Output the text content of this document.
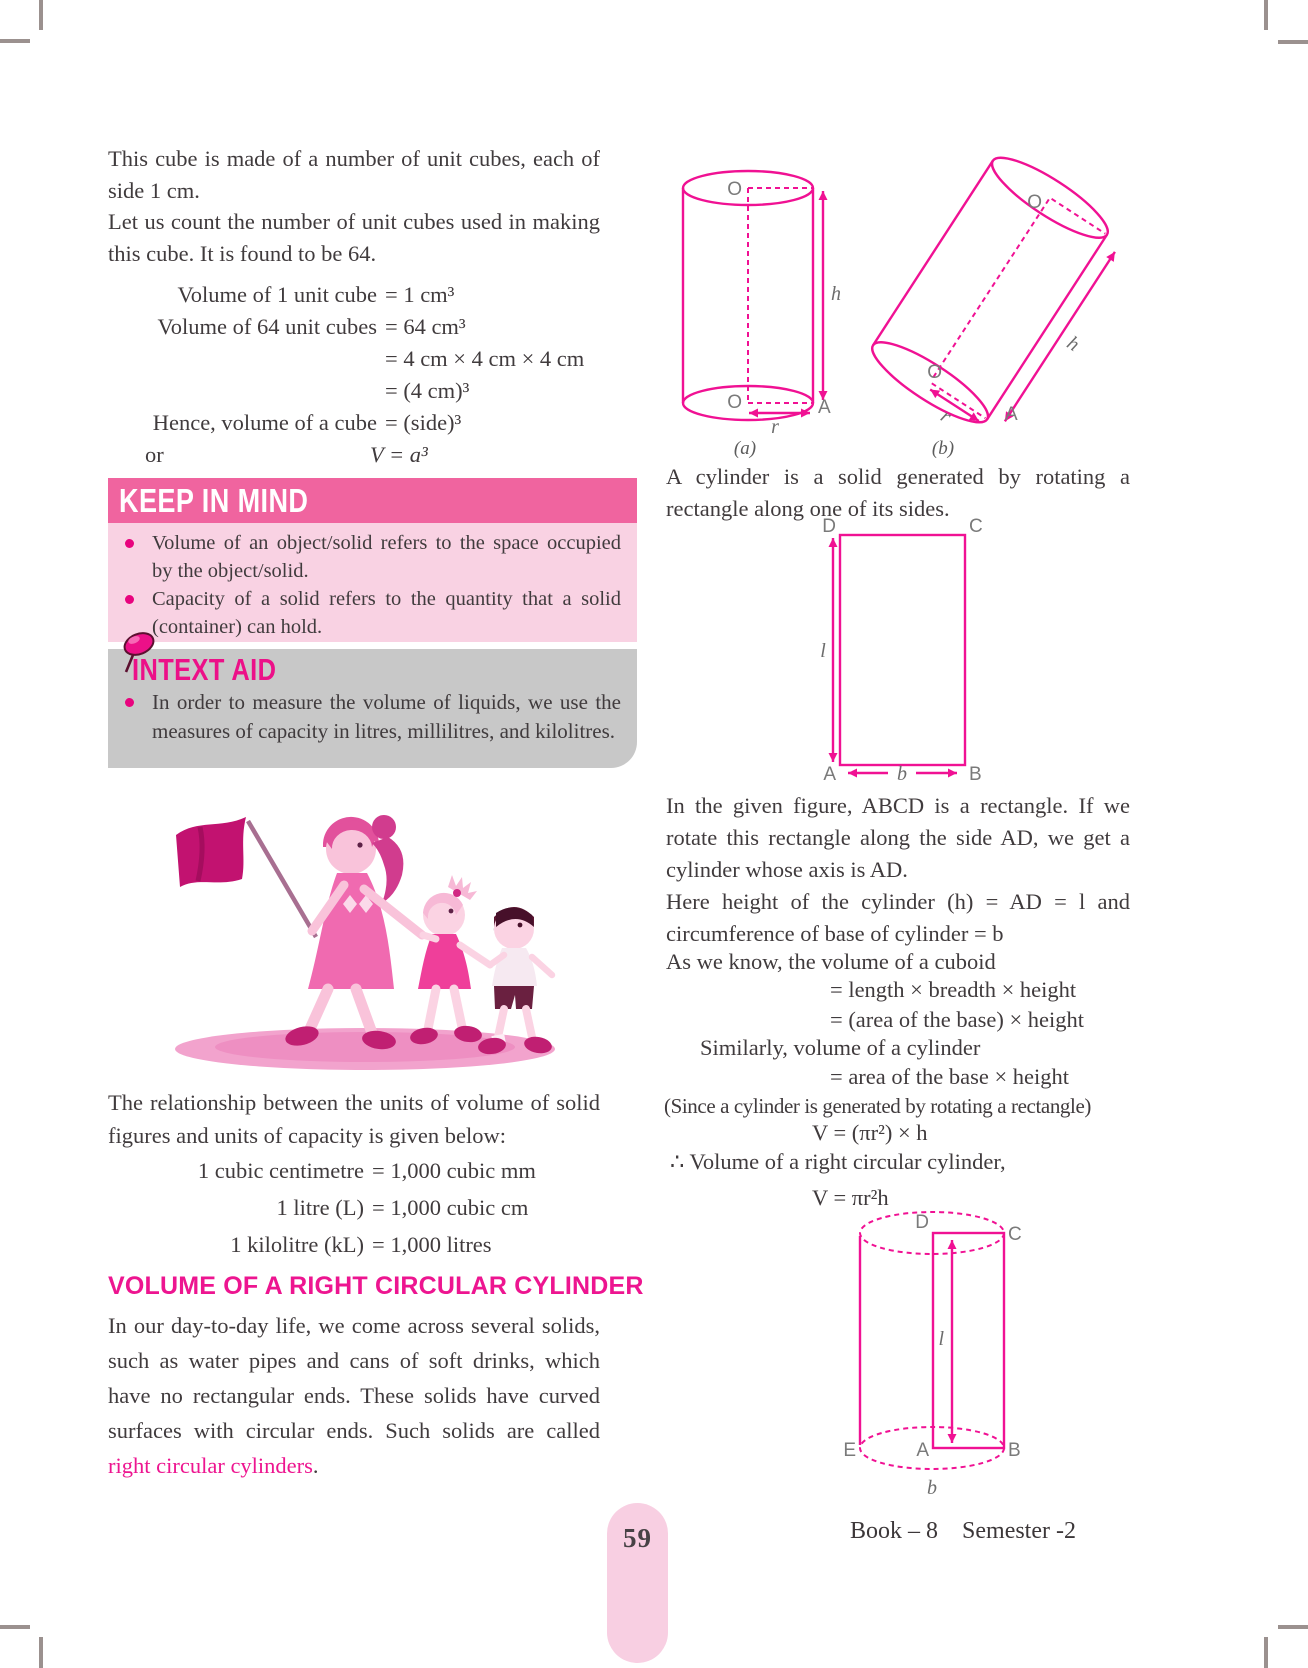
This cube is made of a number of unit cubes, each of side 1 cm.

Let us count the number of unit cubes used in making this cube. It is found to be 64.

Volume of 1 unit cube = 1 cm³
Volume of 64 unit cubes = 64 cm³
= 4 cm × 4 cm × 4 cm
= (4 cm)³
Hence, volume of a cube = (side)³
or	V = a³
KEEP IN MIND
Volume of an object/solid refers to the space occupied by the object/solid.
Capacity of a solid refers to the quantity that a solid (container) can hold.
INTEXT AID
In order to measure the volume of liquids, we use the measures of capacity in litres, millilitres, and kilolitres.

The relationship between the units of volume of solid figures and units of capacity is given below:

1 cubic centimetre = 1,000 cubic mm
1 litre (L) = 1,000 cubic cm
1 kilolitre (kL) = 1,000 litres
VOLUME OF A RIGHT CIRCULAR CYLINDER

In our day-to-day life, we come across several solids, such as water pipes and cans of soft drinks, which have no rectangular ends. These solids have curved surfaces with circular ends. Such solids are called right circular cylinders.

O
O	A
r
h
(a)
h
r
O
O
A
(b)

A cylinder is a solid generated by rotating a rectangle along one of its sides.

D	C
A	B
l
b

In the given figure, ABCD is a rectangle. If we rotate this rectangle along the side AD, we get a cylinder whose axis is AD.

Here height of the cylinder (h) = AD = l and circumference of base of cylinder = b

As we know, the volume of a cuboid

= length × breadth × height
= (area of the base) × height
Similarly, volume of a cylinder
= area of the base × height
(Since a cylinder is generated by rotating a rectangle)
V = (πr²) × h
∴ Volume of a right circular cylinder,
V = πr²h
D
C
E	A	B
l
b
Book – 8    Semester -2
59
